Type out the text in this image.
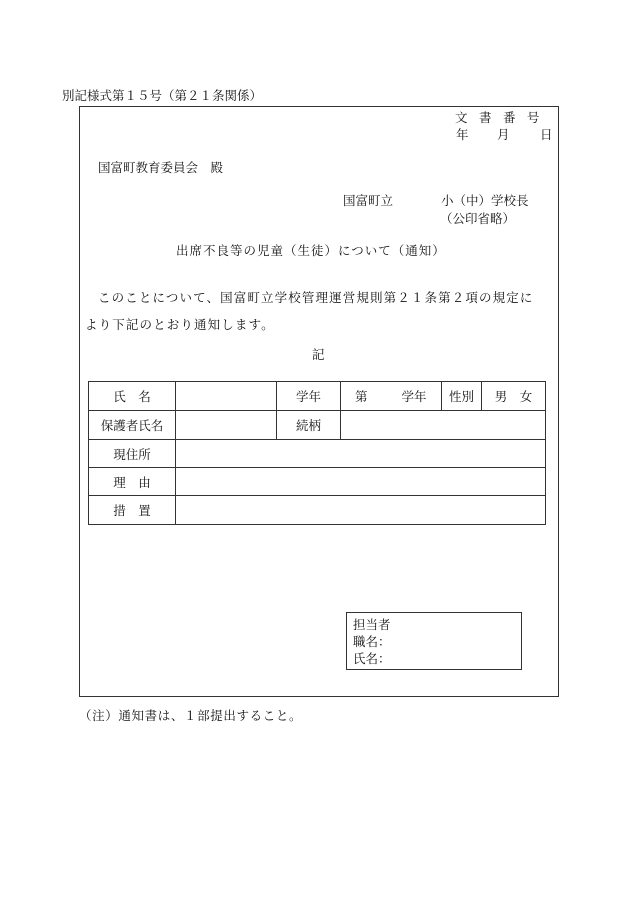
別記様式第１５号（第２１条関係）
文 書 番 号
年 月 日
国富町教育委員会　殿
国富町立	小（中）学校長
（公印省略）
出席不良等の児童（生徒）について（通知）
このことについて、国富町立学校管理運営規則第２１条第２項の規定に
より下記のとおり通知します。
記
氏　名		学年	第 学年	性別	男　女
保護者氏名		続柄			
現住所					
理　由					
措　置					
担当者
職名：
氏名：
（注）通知書は、１部提出すること。
